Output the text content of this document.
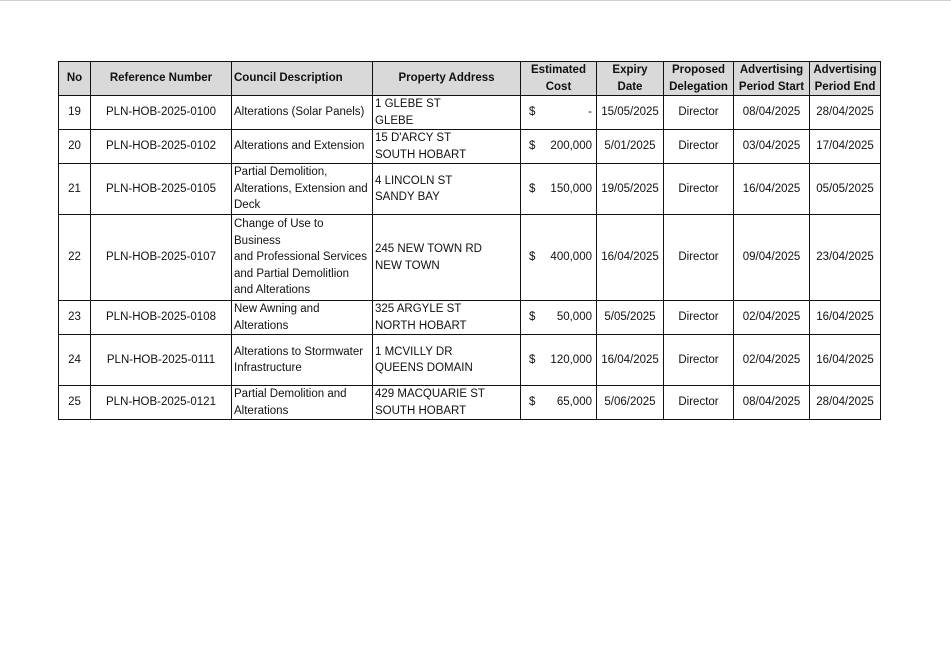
No	Reference Number	Council Description	Property Address	Estimated
Cost	Expiry Date	Proposed
Delegation	Advertising
Period Start	Advertising
Period End

19	PLN-HOB-2025-0100	Alterations (Solar Panels)	1 GLEBE ST
GLEBE	$ -	15/05/2025	Director	08/04/2025	28/04/2025
20	PLN-HOB-2025-0102	Alterations and Extension	15 D'ARCY ST
SOUTH HOBART	$ 200,000	5/01/2025	Director	03/04/2025	17/04/2025
21	PLN-HOB-2025-0105	Partial Demolition,
Alterations, Extension and
Deck	4 LINCOLN ST
SANDY BAY	$ 150,000	19/05/2025	Director	16/04/2025	05/05/2025
22	PLN-HOB-2025-0107	Change of Use to Business
and Professional Services
and Partial Demolitlion
and Alterations	245 NEW TOWN RD
NEW TOWN	$ 400,000	16/04/2025	Director	09/04/2025	23/04/2025
23	PLN-HOB-2025-0108	New Awning and
Alterations	325 ARGYLE ST
NORTH HOBART	$ 50,000	5/05/2025	Director	02/04/2025	16/04/2025
24	PLN-HOB-2025-0111	Alterations to Stormwater
Infrastructure	1 MCVILLY DR
QUEENS DOMAIN	$ 120,000	16/04/2025	Director	02/04/2025	16/04/2025
25	PLN-HOB-2025-0121	Partial Demolition and
Alterations	429 MACQUARIE ST
SOUTH HOBART	$ 65,000	5/06/2025	Director	08/04/2025	28/04/2025
